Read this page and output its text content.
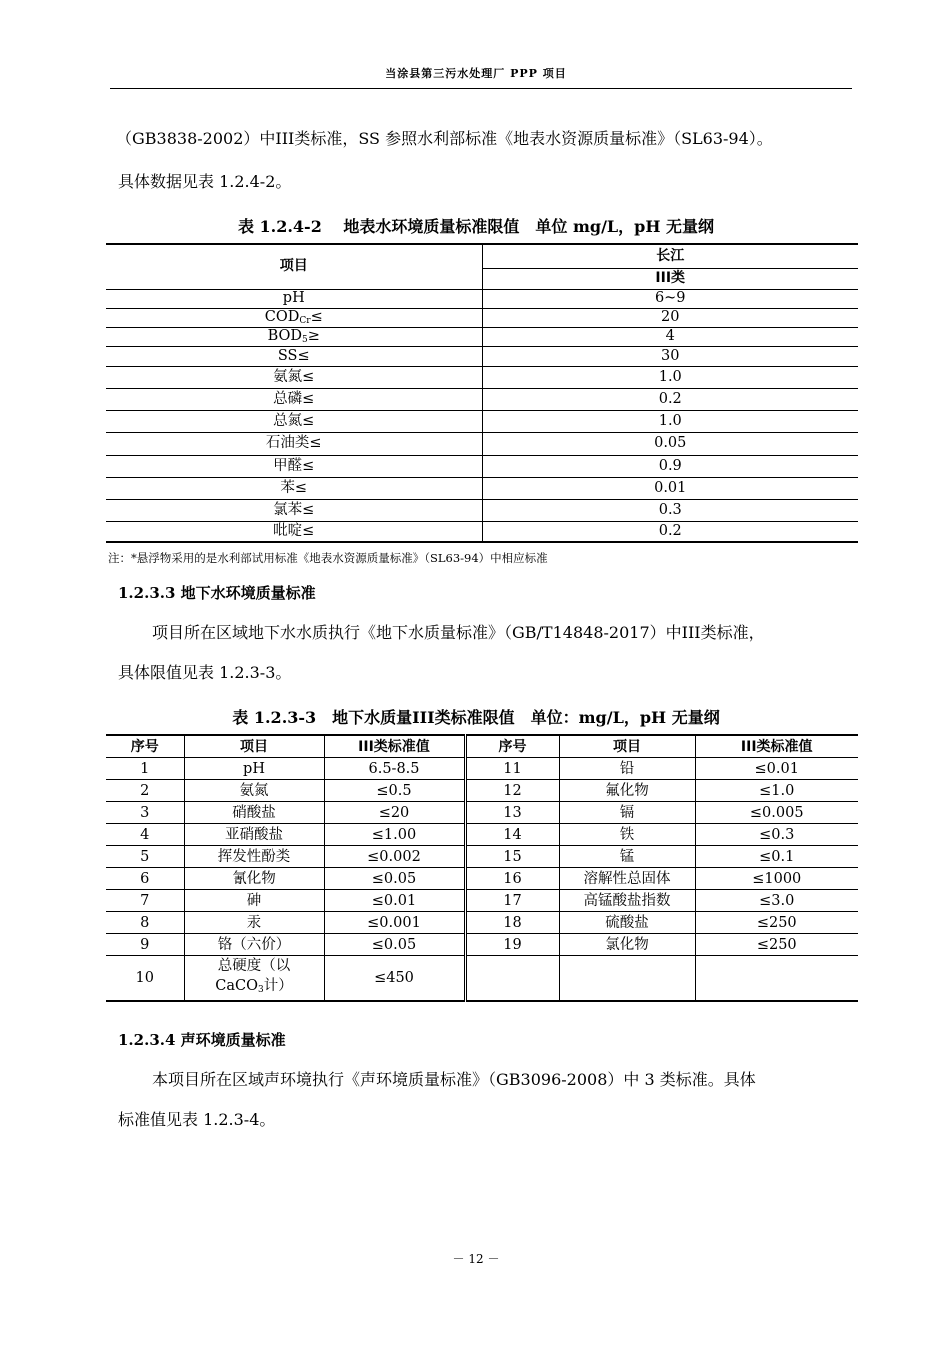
当涂县第三污水处理厂 PPP 项目
（GB3838-2002）中III类标准，SS 参照水利部标准《地表水资源质量标准》（SL63-94）。
具体数据见表 1.2.4-2。
表 1.2.4-2　 地表水环境质量标准限值　单位 mg/L，pH 无量纲
项目	长江
	III类
pH	6~9
$COD_{Cr}\le$	20
$BOD_5\ge$	4
SS≤	30
氨氮≤	1.0
总磷≤	0.2
总氮≤	1.0
石油类≤	0.05
甲醛≤	0.9
苯≤	0.01
氯苯≤	0.3
吡啶≤	0.2
注：*悬浮物采用的是水利部试用标准《地表水资源质量标准》（SL63-94）中相应标准
1.2.3.3 地下水环境质量标准
项目所在区域地下水水质执行《地下水质量标准》（GB/T14848-2017）中III类标准，
具体限值见表 1.2.3-3。
表 1.2.3-3　地下水质量III类标准限值　单位：mg/L，pH 无量纲
序号	项目	III类标准值	序号	项目	III类标准值
1	pH	6.5-8.5	11	铅	≤0.01
2	氨氮	≤0.5	12	氟化物	≤1.0
3	硝酸盐	≤20	13	镉	≤0.005
4	亚硝酸盐	≤1.00	14	铁	≤0.3
5	挥发性酚类	≤0.002	15	锰	≤0.1
6	氰化物	≤0.05	16	溶解性总固体	≤1000
7	砷	≤0.01	17	高锰酸盐指数	≤3.0
8	汞	≤0.001	18	硫酸盐	≤250
9	铬（六价）	≤0.05	19	氯化物	≤250
10	总硬度（以
CaCO3计）	≤450			
1.2.3.4 声环境质量标准
本项目所在区域声环境执行《声环境质量标准》（GB3096-2008）中 3 类标准。具体
标准值见表 1.2.3-4。
－ 12 －
